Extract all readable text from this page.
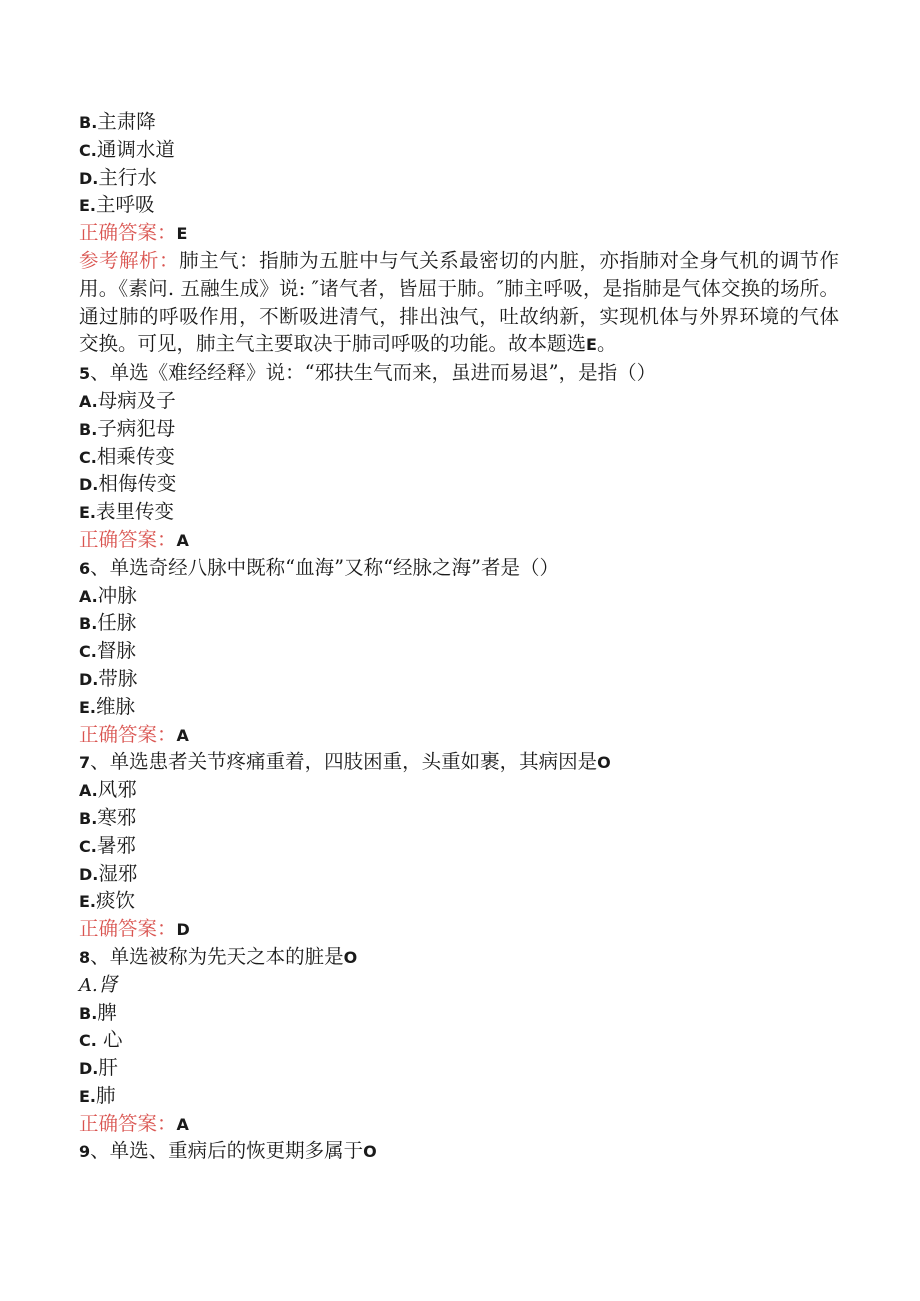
B.主肃降
C.通调水道
D.主行水
E.主呼吸
正确答案：E
参考解析：肺主气：指肺为五脏中与气关系最密切的内脏，亦指肺对全身气机的调节作用。《素问. 五融生成》说: ″诸气者，皆屈于肺。″肺主呼吸，是指肺是气体交换的场所。通过肺的呼吸作用，不断吸进清气，排出浊气，吐故纳新，实现机体与外界环境的气体交换。可见，肺主气主要取决于肺司呼吸的功能。故本题选E。
5、单选《难经经释》说：“邪扶生气而来，虽进而易退”，是指（）
A.母病及子
B.子病犯母
C.相乘传变
D.相侮传变
E.表里传变
正确答案：A
6、单选奇经八脉中既称“血海”又称“经脉之海”者是（）
A.冲脉
B.任脉
C.督脉
D.带脉
E.维脉
正确答案：A
7、单选患者关节疼痛重着，四肢困重，头重如裹，其病因是O
A.风邪
B.寒邪
C.暑邪
D.湿邪
E.痰饮
正确答案：D
8、单选被称为先天之本的脏是O
A.肾
B.脾
C. 心
D.肝
E.肺
正确答案：A
9、单选、重病后的恢更期多属于O
